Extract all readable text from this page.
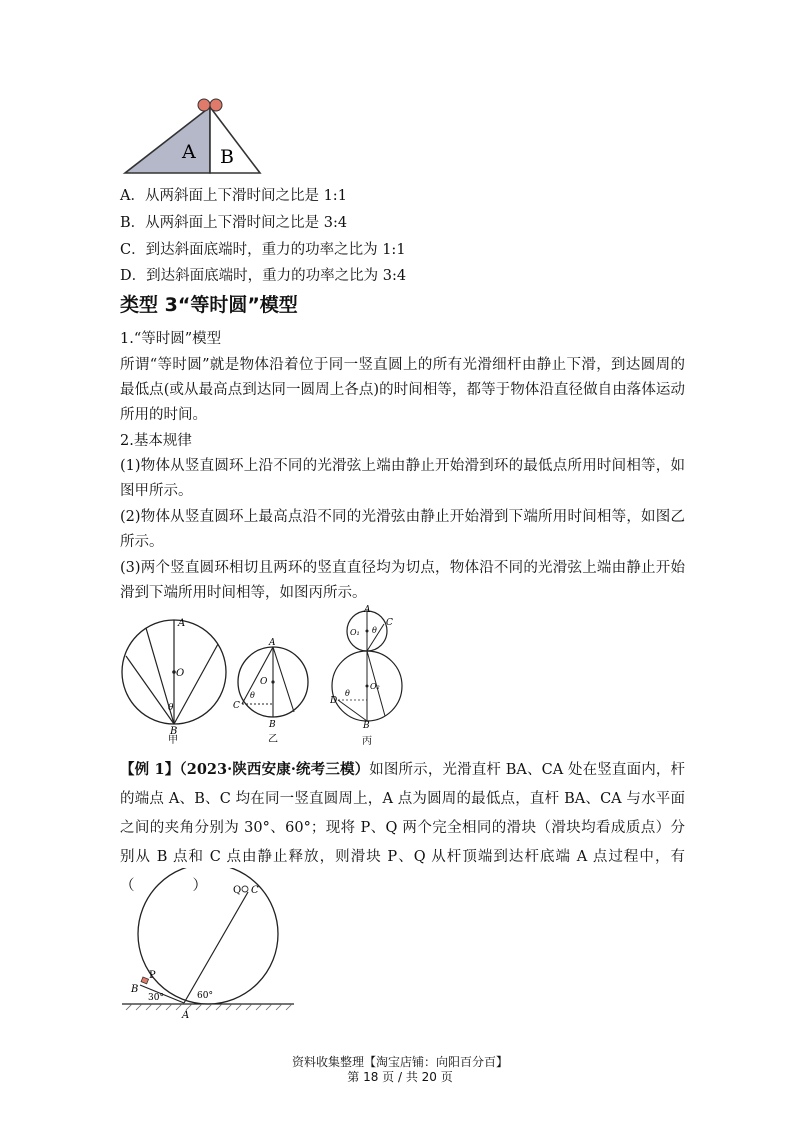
A B
A．从两斜面上下滑时间之比是 1:1
B．从两斜面上下滑时间之比是 3:4
C．到达斜面底端时，重力的功率之比为 1:1
D．到达斜面底端时，重力的功率之比为 3:4
类型 3“等时圆”模型
1.“等时圆”模型
所谓“等时圆”就是物体沿着位于同一竖直圆上的所有光滑细杆由静止下滑，到达圆周的最低点(或从最高点到达同一圆周上各点)的时间相等，都等于物体沿直径做自由落体运动所用的时间。
2.基本规律
(1)物体从竖直圆环上沿不同的光滑弦上端由静止开始滑到环的最低点所用时间相等，如图甲所示。
(2)物体从竖直圆环上最高点沿不同的光滑弦由静止开始滑到下端所用时间相等，如图乙所示。
(3)两个竖直圆环相切且两环的竖直直径均为切点，物体沿不同的光滑弦上端由静止开始滑到下端所用时间相等，如图丙所示。
A
O
θ
B
甲
A
O
θ
C
B
乙
A
O₁ θ
C
O₂
D
θ
B
丙
【例 1】（2023·陕西安康·统考三模）如图所示，光滑直杆 BA、CA 处在竖直面内，杆的端点 A、B、C 均在同一竖直圆周上，A 点为圆周的最低点，直杆 BA、CA 与水平面之间的夹角分别为 30°、60°；现将 P、Q 两个完全相同的滑块（滑块均看成质点）分别从 B 点和 C 点由静止释放，则滑块 P、Q 从杆顶端到达杆底端 A 点过程中，有（　　　　）	Q C
P
B
30°	60°
A
资料收集整理【淘宝店铺：向阳百分百】
第 18 页 / 共 20 页
